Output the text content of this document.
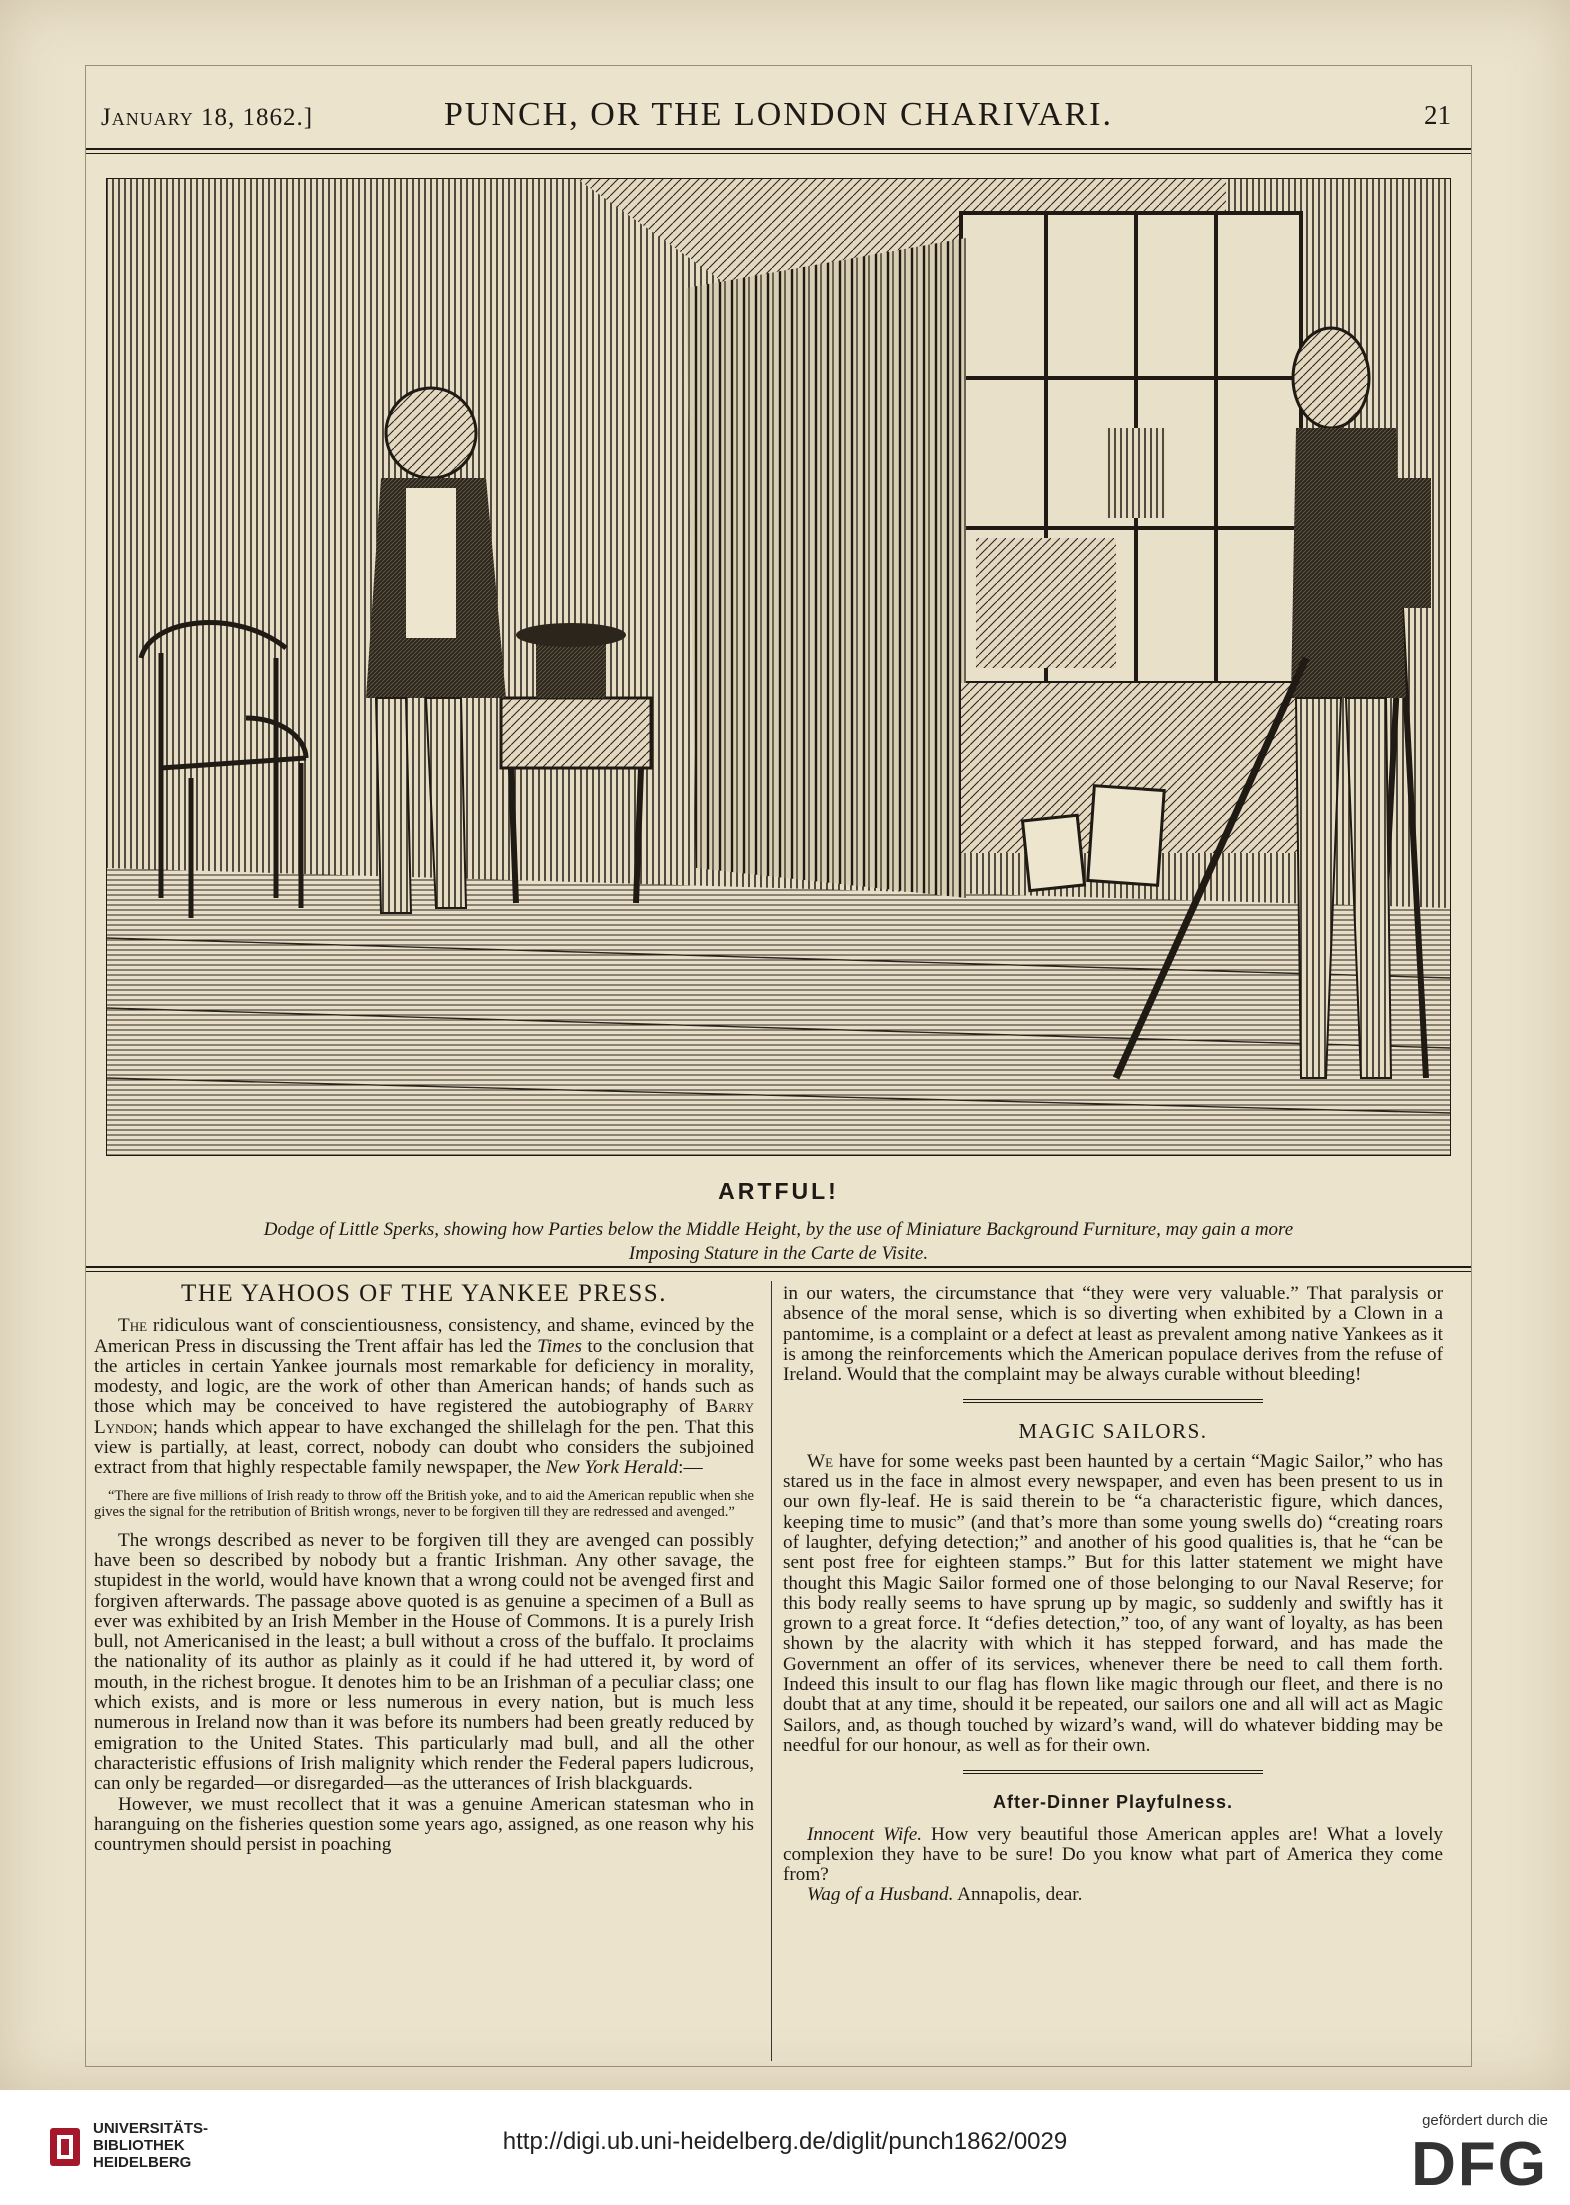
January 18, 1862.]	PUNCH, OR THE LONDON CHARIVARI.	21
ARTFUL!
Dodge of Little Sperks, showing how Parties below the Middle Height, by the use of Miniature Background Furniture, may gain a more
Imposing Stature in the Carte de Visite.
THE YAHOOS OF THE YANKEE PRESS.

The ridiculous want of conscientiousness, consistency, and shame, evinced by the American Press in discussing the Trent affair has led the Times to the conclusion that the articles in certain Yankee journals most remarkable for deficiency in morality, modesty, and logic, are the work of other than American hands; of hands such as those which may be conceived to have registered the autobiography of Barry Lyndon; hands which appear to have exchanged the shillelagh for the pen. That this view is partially, at least, correct, nobody can doubt who considers the subjoined extract from that highly respectable family newspaper, the New York Herald:—

“There are five millions of Irish ready to throw off the British yoke, and to aid the American republic when she gives the signal for the retribution of British wrongs, never to be forgiven till they are redressed and avenged.”

The wrongs described as never to be forgiven till they are avenged can possibly have been so described by nobody but a frantic Irishman. Any other savage, the stupidest in the world, would have known that a wrong could not be avenged first and forgiven afterwards. The passage above quoted is as genuine a specimen of a Bull as ever was exhibited by an Irish Member in the House of Commons. It is a purely Irish bull, not Americanised in the least; a bull without a cross of the buffalo. It proclaims the nationality of its author as plainly as it could if he had uttered it, by word of mouth, in the richest brogue. It denotes him to be an Irishman of a peculiar class; one which exists, and is more or less numerous in every nation, but is much less numerous in Ireland now than it was before its numbers had been greatly reduced by emigration to the United States. This particularly mad bull, and all the other characteristic effusions of Irish malignity which render the Federal papers ludicrous, can only be regarded—or disregarded—as the utterances of Irish blackguards.

However, we must recollect that it was a genuine American statesman who in haranguing on the fisheries question some years ago, assigned, as one reason why his countrymen should persist in poaching

in our waters, the circumstance that “they were very valuable.” That paralysis or absence of the moral sense, which is so diverting when exhibited by a Clown in a pantomime, is a complaint or a defect at least as prevalent among native Yankees as it is among the reinforcements which the American populace derives from the refuse of Ireland. Would that the complaint may be always curable without bleeding!

MAGIC SAILORS.

We have for some weeks past been haunted by a certain “Magic Sailor,” who has stared us in the face in almost every newspaper, and even has been present to us in our own fly-leaf. He is said therein to be “a characteristic figure, which dances, keeping time to music” (and that’s more than some young swells do) “creating roars of laughter, defying detection;” and another of his good qualities is, that he “can be sent post free for eighteen stamps.” But for this latter statement we might have thought this Magic Sailor formed one of those belonging to our Naval Reserve; for this body really seems to have sprung up by magic, so suddenly and swiftly has it grown to a great force. It “defies detection,” too, of any want of loyalty, as has been shown by the alacrity with which it has stepped forward, and has made the Government an offer of its services, whenever there be need to call them forth. Indeed this insult to our flag has flown like magic through our fleet, and there is no doubt that at any time, should it be repeated, our sailors one and all will act as Magic Sailors, and, as though touched by wizard’s wand, will do whatever bidding may be needful for our honour, as well as for their own.

After-Dinner Playfulness.

Innocent Wife. How very beautiful those American apples are! What a lovely complexion they have to be sure! Do you know what part of America they come from?

Wag of a Husband. Annapolis, dear.

UNIVERSITÄTS-
BIBLIOTHEK
HEIDELBERG
http://digi.ub.uni-heidelberg.de/diglit/punch1862/0029
gefördert durch die
DFG
